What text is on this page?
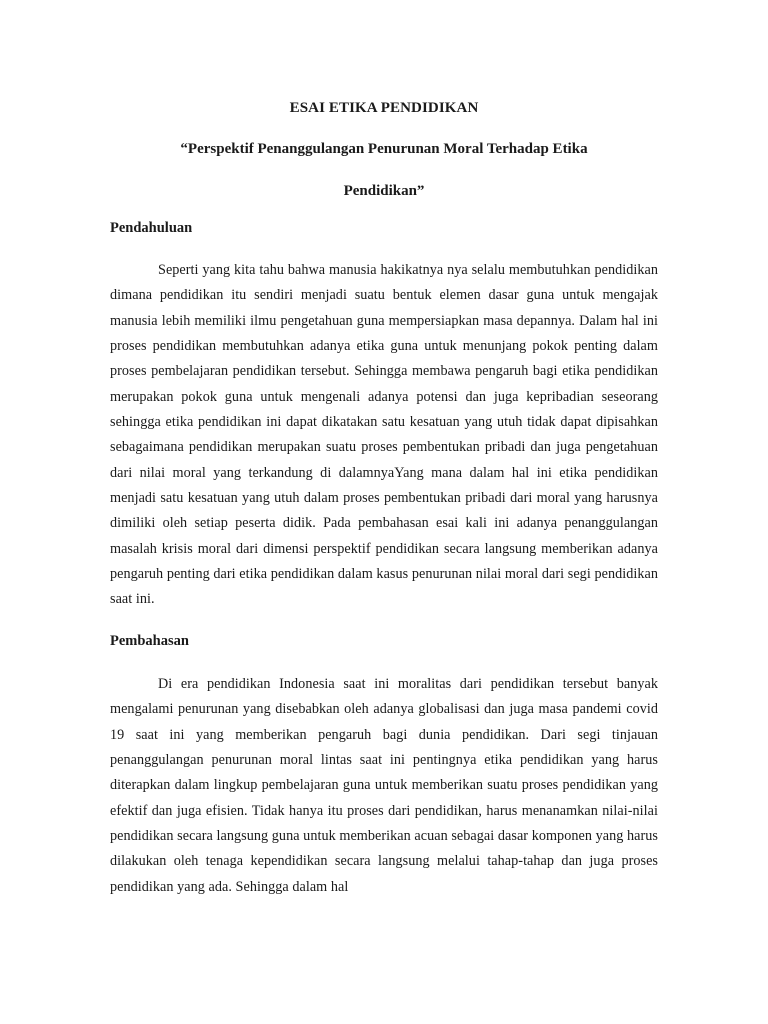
ESAI ETIKA PENDIDIKAN

“Perspektif Penanggulangan Penurunan Moral Terhadap Etika

Pendidikan”

Pendahuluan

Seperti yang kita tahu bahwa manusia hakikatnya nya selalu membutuhkan pendidikan dimana pendidikan itu sendiri menjadi suatu bentuk elemen dasar guna untuk mengajak manusia lebih memiliki ilmu pengetahuan guna mempersiapkan masa depannya. Dalam hal ini proses pendidikan membutuhkan adanya etika guna untuk menunjang pokok penting dalam proses pembelajaran pendidikan tersebut. Sehingga membawa pengaruh bagi etika pendidikan merupakan pokok guna untuk mengenali adanya potensi dan juga kepribadian seseorang sehingga etika pendidikan ini dapat dikatakan satu kesatuan yang utuh tidak dapat dipisahkan sebagaimana pendidikan merupakan suatu proses pembentukan pribadi dan juga pengetahuan dari nilai moral yang terkandung di dalamnyaYang mana dalam hal ini etika pendidikan menjadi satu kesatuan yang utuh dalam proses pembentukan pribadi dari moral yang harusnya dimiliki oleh setiap peserta didik. Pada pembahasan esai kali ini adanya penanggulangan masalah krisis moral dari dimensi perspektif pendidikan secara langsung memberikan adanya pengaruh penting dari etika pendidikan dalam kasus penurunan nilai moral dari segi pendidikan saat ini.

Pembahasan

Di era pendidikan Indonesia saat ini moralitas dari pendidikan tersebut banyak mengalami penurunan yang disebabkan oleh adanya globalisasi dan juga masa pandemi covid 19 saat ini yang memberikan pengaruh bagi dunia pendidikan. Dari segi tinjauan penanggulangan penurunan moral lintas saat ini pentingnya etika pendidikan yang harus diterapkan dalam lingkup pembelajaran guna untuk memberikan suatu proses pendidikan yang efektif dan juga efisien. Tidak hanya itu proses dari pendidikan, harus menanamkan nilai-nilai pendidikan secara langsung guna untuk memberikan acuan sebagai dasar komponen yang harus dilakukan oleh tenaga kependidikan secara langsung melalui tahap-tahap dan juga proses pendidikan yang ada. Sehingga dalam hal
